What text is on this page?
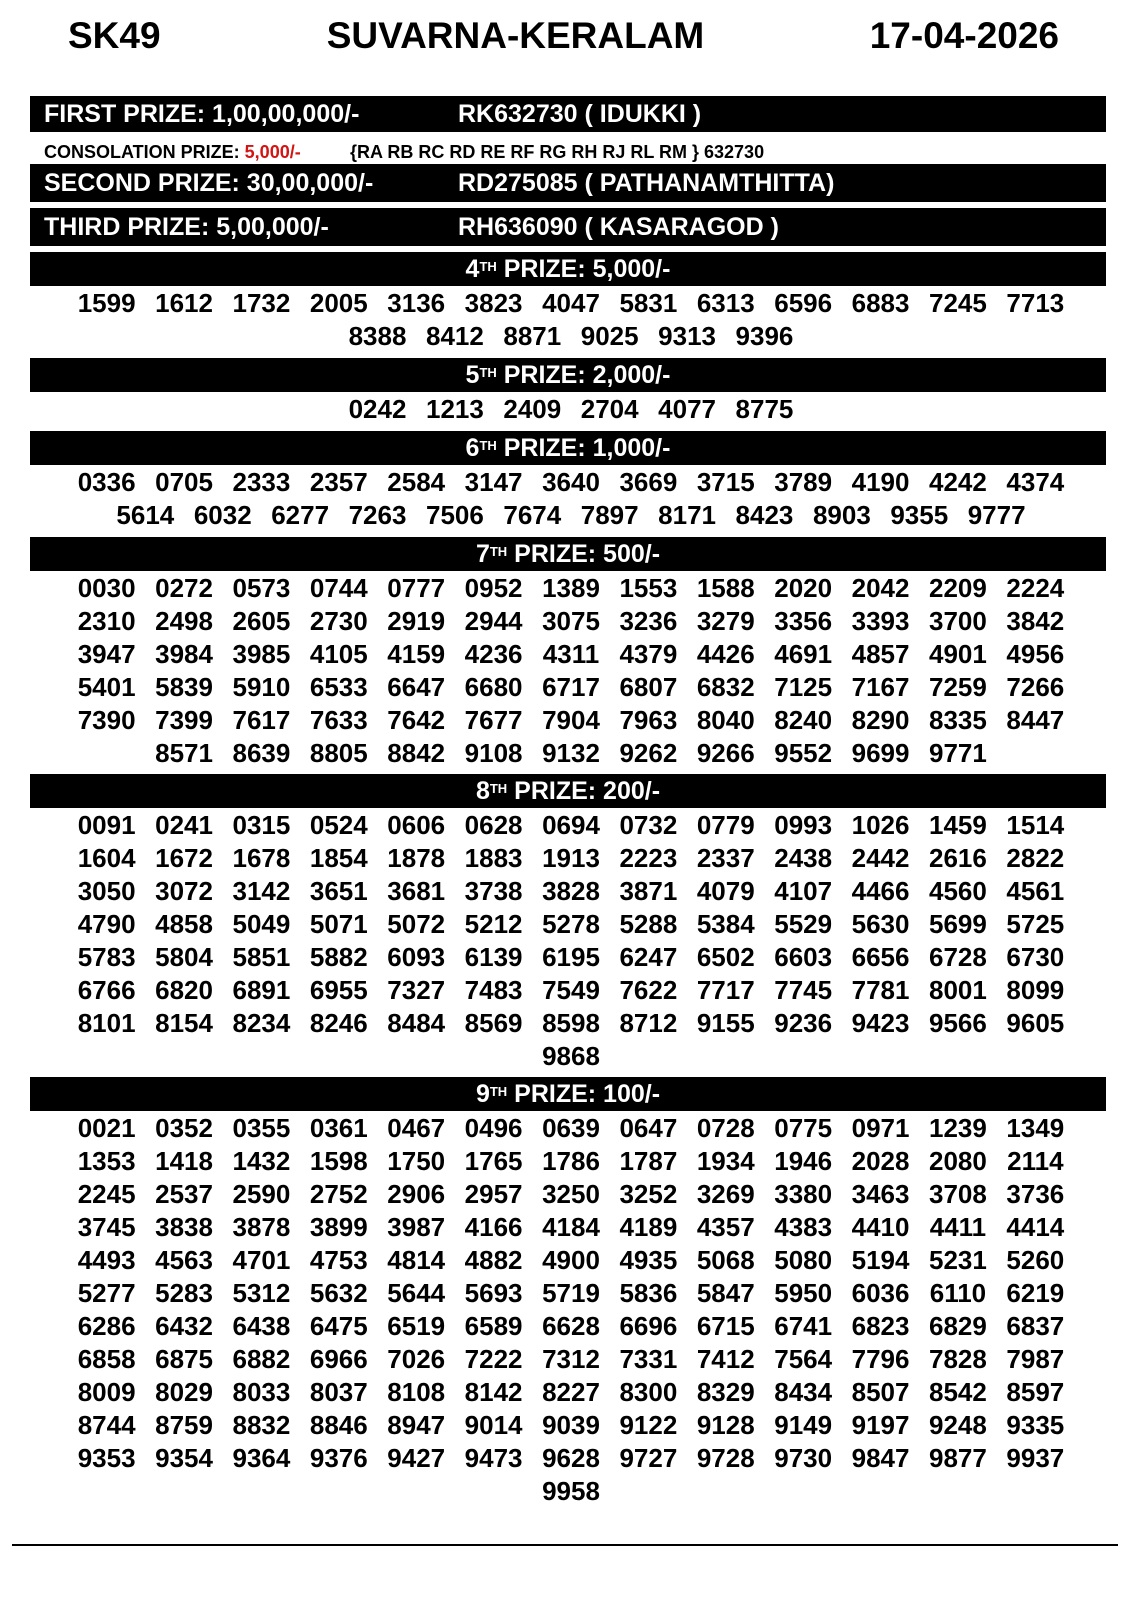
SK49	SUVARNA-KERALAM	17-04-2026
FIRST PRIZE: 1,00,00,000/-	RK632730 ( IDUKKI )
CONSOLATION PRIZE: 5,000/-	{RA RB RC RD RE RF RG RH RJ RL RM } 632730
SECOND PRIZE: 30,00,000/-	RD275085 ( PATHANAMTHITTA)
THIRD PRIZE: 5,00,000/-	RH636090 ( KASARAGOD )
4TH PRIZE: 5,000/-
1599 1612 1732 2005 3136 3823 4047 5831 6313 6596 6883 7245 7713
8388 8412 8871 9025 9313 9396
5TH PRIZE: 2,000/-
0242 1213 2409 2704 4077 8775
6TH PRIZE: 1,000/-
0336 0705 2333 2357 2584 3147 3640 3669 3715 3789 4190 4242 4374
5614 6032 6277 7263 7506 7674 7897 8171 8423 8903 9355 9777
7TH PRIZE: 500/-
0030 0272 0573 0744 0777 0952 1389 1553 1588 2020 2042 2209 2224
2310 2498 2605 2730 2919 2944 3075 3236 3279 3356 3393 3700 3842
3947 3984 3985 4105 4159 4236 4311 4379 4426 4691 4857 4901 4956
5401 5839 5910 6533 6647 6680 6717 6807 6832 7125 7167 7259 7266
7390 7399 7617 7633 7642 7677 7904 7963 8040 8240 8290 8335 8447
8571 8639 8805 8842 9108 9132 9262 9266 9552 9699 9771
8TH PRIZE: 200/-
0091 0241 0315 0524 0606 0628 0694 0732 0779 0993 1026 1459 1514
1604 1672 1678 1854 1878 1883 1913 2223 2337 2438 2442 2616 2822
3050 3072 3142 3651 3681 3738 3828 3871 4079 4107 4466 4560 4561
4790 4858 5049 5071 5072 5212 5278 5288 5384 5529 5630 5699 5725
5783 5804 5851 5882 6093 6139 6195 6247 6502 6603 6656 6728 6730
6766 6820 6891 6955 7327 7483 7549 7622 7717 7745 7781 8001 8099
8101 8154 8234 8246 8484 8569 8598 8712 9155 9236 9423 9566 9605
9868
9TH PRIZE: 100/-
0021 0352 0355 0361 0467 0496 0639 0647 0728 0775 0971 1239 1349
1353 1418 1432 1598 1750 1765 1786 1787 1934 1946 2028 2080 2114
2245 2537 2590 2752 2906 2957 3250 3252 3269 3380 3463 3708 3736
3745 3838 3878 3899 3987 4166 4184 4189 4357 4383 4410 4411 4414
4493 4563 4701 4753 4814 4882 4900 4935 5068 5080 5194 5231 5260
5277 5283 5312 5632 5644 5693 5719 5836 5847 5950 6036 6110 6219
6286 6432 6438 6475 6519 6589 6628 6696 6715 6741 6823 6829 6837
6858 6875 6882 6966 7026 7222 7312 7331 7412 7564 7796 7828 7987
8009 8029 8033 8037 8108 8142 8227 8300 8329 8434 8507 8542 8597
8744 8759 8832 8846 8947 9014 9039 9122 9128 9149 9197 9248 9335
9353 9354 9364 9376 9427 9473 9628 9727 9728 9730 9847 9877 9937
9958
